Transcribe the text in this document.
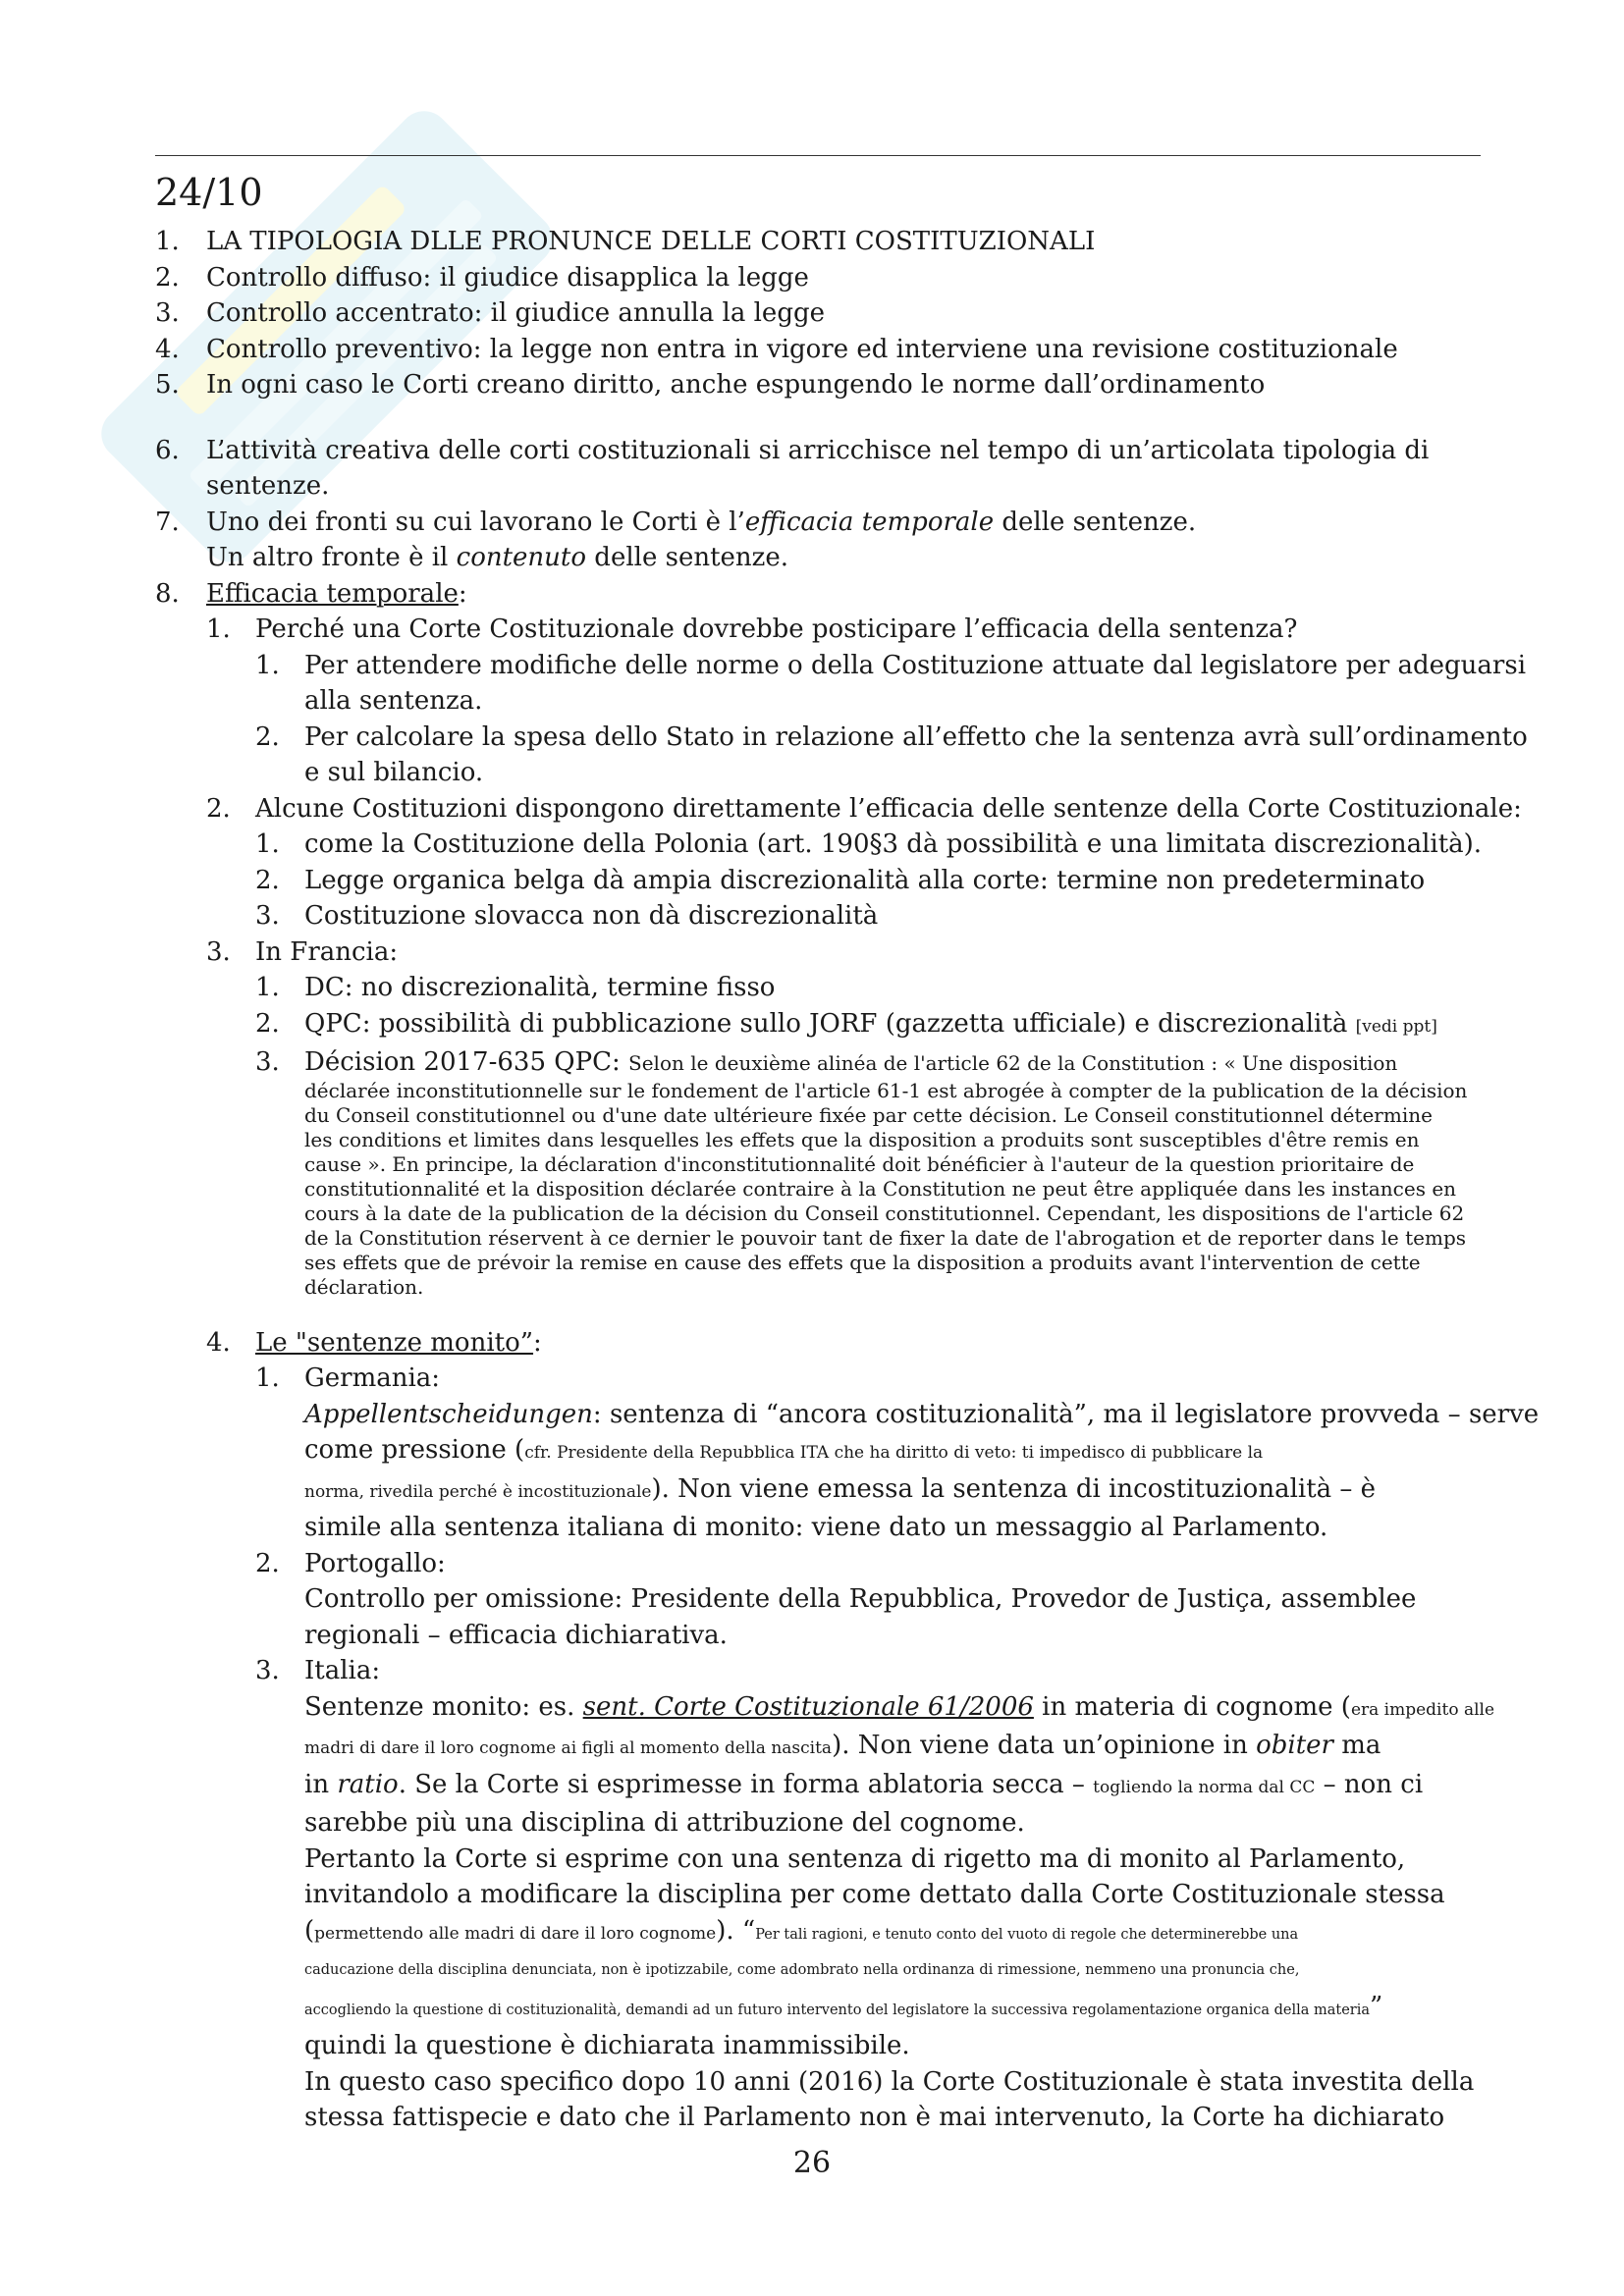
24/10
1.	LA TIPOLOGIA DLLE PRONUNCE DELLE CORTI COSTITUZIONALI
2.	Controllo diffuso: il giudice disapplica la legge
3.	Controllo accentrato: il giudice annulla la legge
4.	Controllo preventivo: la legge non entra in vigore ed interviene una revisione costituzionale
5.	In ogni caso le Corti creano diritto, anche espungendo le norme dall’ordinamento
6.	L’attività creativa delle corti costituzionali si arricchisce nel tempo di un’articolata tipologia di
sentenze.
7.	Uno dei fronti su cui lavorano le Corti è l’efficacia temporale delle sentenze.
Un altro fronte è il contenuto delle sentenze.
8.	Efficacia temporale:
1. Perché una Corte Costituzionale dovrebbe posticipare l’efficacia della sentenza?
1. Per attendere modifiche delle norme o della Costituzione attuate dal legislatore per adeguarsi
alla sentenza.
2. Per calcolare la spesa dello Stato in relazione all’effetto che la sentenza avrà sull’ordinamento
e sul bilancio.
2. Alcune Costituzioni dispongono direttamente l’efficacia delle sentenze della Corte Costituzionale:
1. come la Costituzione della Polonia (art. 190§3 dà possibilità e una limitata discrezionalità).
2. Legge organica belga dà ampia discrezionalità alla corte: termine non predeterminato
3. Costituzione slovacca non dà discrezionalità
3. In Francia:
1. DC: no discrezionalità, termine fisso
2. QPC: possibilità di pubblicazione sullo JORF (gazzetta ufficiale) e discrezionalità [vedi ppt]
3. Décision 2017-635 QPC: Selon le deuxième alinéa de l'article 62 de la Constitution : « Une disposition
déclarée inconstitutionnelle sur le fondement de l'article 61-1 est abrogée à compter de la publication de la décision
du Conseil constitutionnel ou d'une date ultérieure fixée par cette décision. Le Conseil constitutionnel détermine
les conditions et limites dans lesquelles les effets que la disposition a produits sont susceptibles d'être remis en
cause ». En principe, la déclaration d'inconstitutionnalité doit bénéficier à l'auteur de la question prioritaire de
constitutionnalité et la disposition déclarée contraire à la Constitution ne peut être appliquée dans les instances en
cours à la date de la publication de la décision du Conseil constitutionnel. Cependant, les dispositions de l'article 62
de la Constitution réservent à ce dernier le pouvoir tant de fixer la date de l'abrogation et de reporter dans le temps
ses effets que de prévoir la remise en cause des effets que la disposition a produits avant l'intervention de cette
déclaration.
4. Le "sentenze monito”:
1. Germania:
Appellentscheidungen: sentenza di “ancora costituzionalità”, ma il legislatore provveda – serve
come pressione (cfr. Presidente della Repubblica ITA che ha diritto di veto: ti impedisco di pubblicare la
norma, rivedila perché è incostituzionale). Non viene emessa la sentenza di incostituzionalità – è
simile alla sentenza italiana di monito: viene dato un messaggio al Parlamento.
2. Portogallo:
Controllo per omissione: Presidente della Repubblica, Provedor de Justiça, assemblee
regionali – efficacia dichiarativa.
3. Italia:
Sentenze monito: es. sent. Corte Costituzionale 61/2006 in materia di cognome (era impedito alle
madri di dare il loro cognome ai figli al momento della nascita). Non viene data un’opinione in obiter ma
in ratio. Se la Corte si esprimesse in forma ablatoria secca – togliendo la norma dal CC – non ci
sarebbe più una disciplina di attribuzione del cognome.
Pertanto la Corte si esprime con una sentenza di rigetto ma di monito al Parlamento,
invitandolo a modificare la disciplina per come dettato dalla Corte Costituzionale stessa
(permettendo alle madri di dare il loro cognome). “Per tali ragioni, e tenuto conto del vuoto di regole che determinerebbe una
caducazione della disciplina denunciata, non è ipotizzabile, come adombrato nella ordinanza di rimessione, nemmeno una pronuncia che,
accogliendo la questione di costituzionalità, demandi ad un futuro intervento del legislatore la successiva regolamentazione organica della materia”
quindi la questione è dichiarata inammissibile.
In questo caso specifico dopo 10 anni (2016) la Corte Costituzionale è stata investita della
stessa fattispecie e dato che il Parlamento non è mai intervenuto, la Corte ha dichiarato
26
